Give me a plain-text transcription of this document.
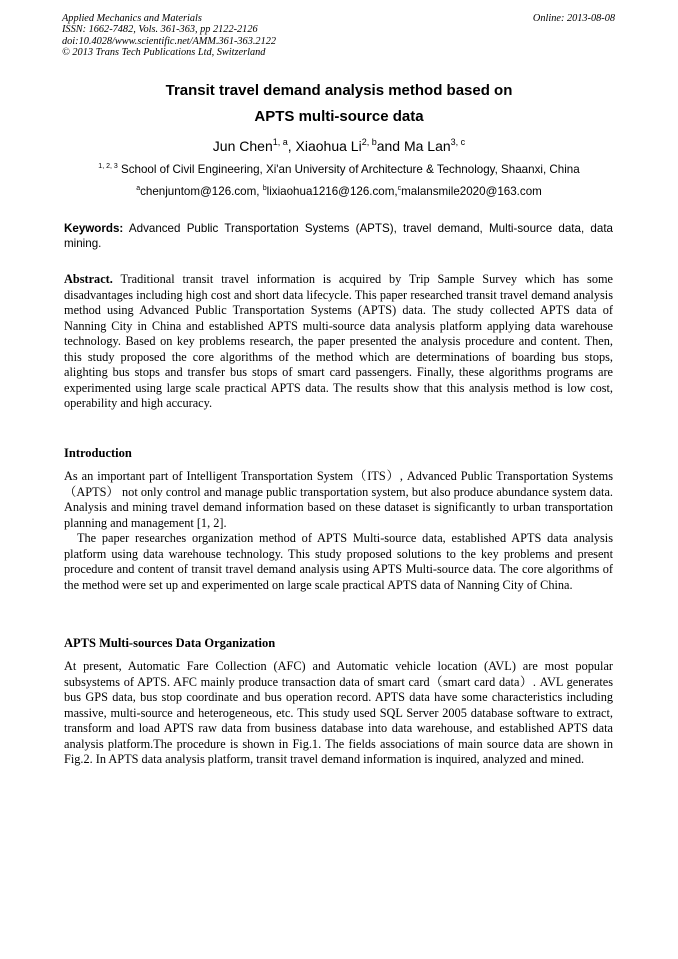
Applied Mechanics and Materials
ISSN: 1662-7482, Vols. 361-363, pp 2122-2126
doi:10.4028/www.scientific.net/AMM.361-363.2122
© 2013 Trans Tech Publications Ltd, Switzerland
Online: 2013-08-08
Transit travel demand analysis method based on
APTS multi-source data
Jun Chen$^{1, a}$, Xiaohua Li$^{2, b}$and Ma Lan$^{3, c}$
$^{1, 2, 3}$ School of Civil Engineering, Xi'an University of Architecture & Technology, Shaanxi, China
$^a$chenjuntom@126.com, $^b$lixiaohua1216@126.com,$^c$malansmile2020@163.com
Keywords: Advanced Public Transportation Systems (APTS), travel demand, Multi-source data, data mining.

Abstract. Traditional transit travel information is acquired by Trip Sample Survey which has some disadvantages including high cost and short data lifecycle. This paper researched transit travel demand analysis method using Advanced Public Transportation Systems (APTS) data. The study collected APTS data of Nanning City in China and established APTS multi-source data analysis platform applying data warehouse technology. Based on key problems research, the paper presented the analysis procedure and content. Then, this study proposed the core algorithms of the method which are determinations of boarding bus stops, alighting bus stops and transfer bus stops of smart card passengers. Finally, these algorithms programs are experimented using large scale practical APTS data. The results show that this analysis method is low cost, operability and high accuracy.

Introduction

As an important part of Intelligent Transportation System（ITS）, Advanced Public Transportation Systems （APTS） not only control and manage public transportation system, but also produce abundance system data. Analysis and mining travel demand information based on these dataset is significantly to urban transportation planning and management [1, 2].

The paper researches organization method of APTS Multi-source data, established APTS data analysis platform using data warehouse technology. This study proposed solutions to the key problems and present procedure and content of transit travel demand analysis using APTS Multi-source data. The core algorithms of the method were set up and experimented on large scale practical APTS data of Nanning City of China.

APTS Multi-sources Data Organization

At present, Automatic Fare Collection (AFC) and Automatic vehicle location (AVL) are most popular subsystems of APTS. AFC mainly produce transaction data of smart card（smart card data）. AVL generates bus GPS data, bus stop coordinate and bus operation record. APTS data have some characteristics including massive, multi-source and heterogeneous, etc. This study used SQL Server 2005 database software to extract, transform and load APTS raw data from business database into data warehouse, and established APTS data analysis platform.The procedure is shown in Fig.1. The fields associations of main source data are shown in Fig.2. In APTS data analysis platform, transit travel demand information is inquired, analyzed and mined.
